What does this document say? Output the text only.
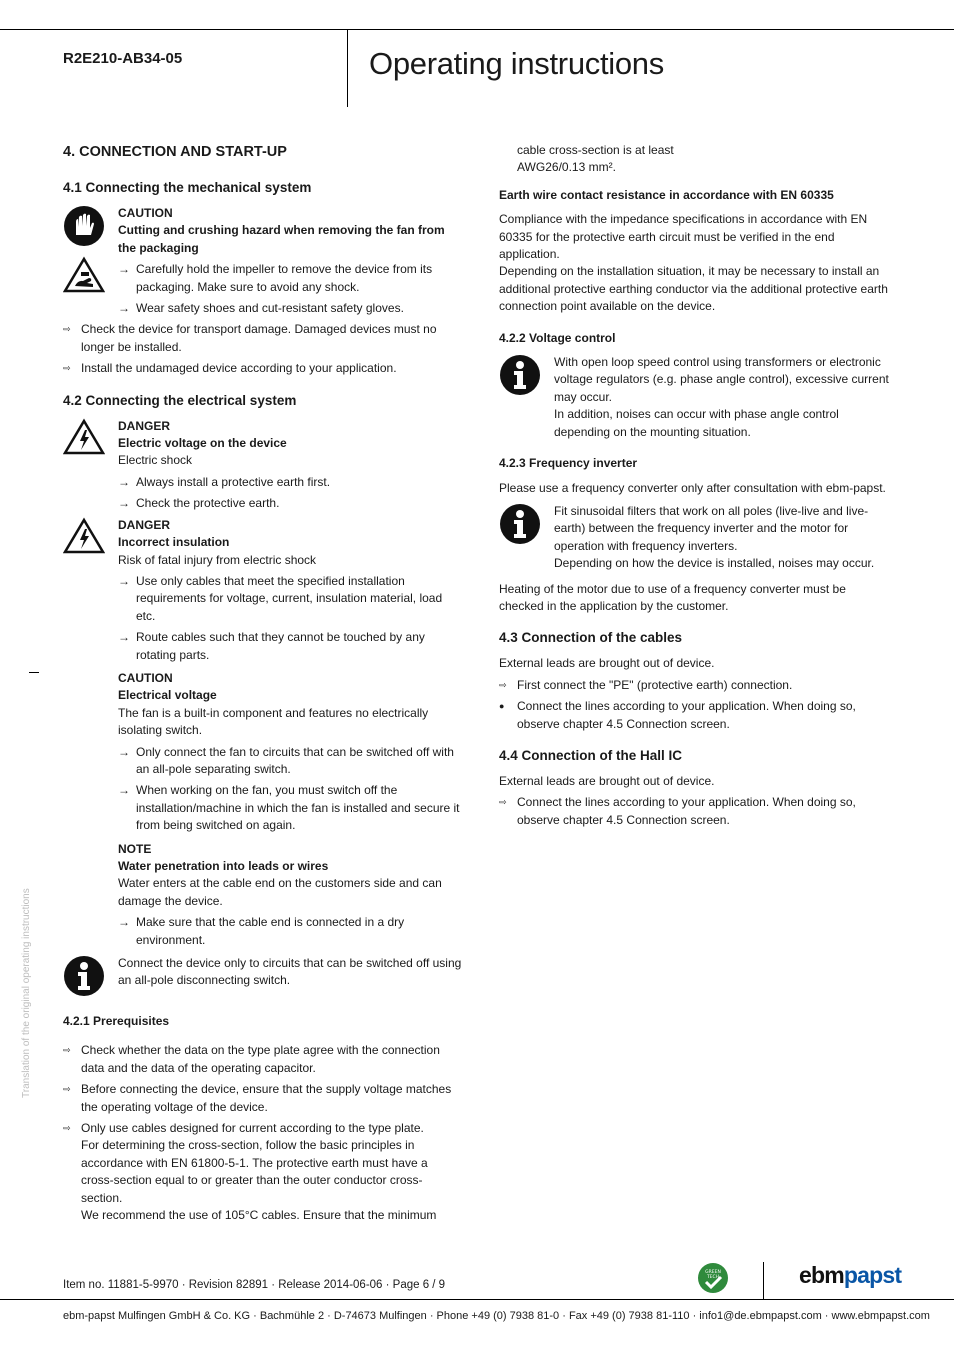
R2E210-AB34-05	Operating instructions
Translation of the original operating instructions
4. CONNECTION AND START-UP
4.1 Connecting the mechanical system

CAUTION
Cutting and crushing hazard when removing the fan from the packaging
→ Carefully hold the impeller to remove the device from its packaging. Make sure to avoid any shock.
→ Wear safety shoes and cut-resistant safety gloves.
⇨ Check the device for transport damage. Damaged devices must no longer be installed.
⇨ Install the undamaged device according to your application.
4.2 Connecting the electrical system
DANGER
Electric voltage on the device
Electric shock
→ Always install a protective earth first.
→ Check the protective earth.
DANGER
Incorrect insulation
Risk of fatal injury from electric shock
→ Use only cables that meet the specified installation requirements for voltage, current, insulation material, load etc.
→ Route cables such that they cannot be touched by any rotating parts.
CAUTION
Electrical voltage
The fan is a built-in component and features no electrically isolating switch.
→ Only connect the fan to circuits that can be switched off with an all-pole separating switch.
→ When working on the fan, you must switch off the installation/machine in which the fan is installed and secure it from being switched on again.
NOTE
Water penetration into leads or wires
Water enters at the cable end on the customers side and can damage the device.
→ Make sure that the cable end is connected in a dry environment.
Connect the device only to circuits that can be switched off using an all-pole disconnecting switch.
4.2.1 Prerequisites
⇨ Check whether the data on the type plate agree with the connection data and the data of the operating capacitor.
⇨ Before connecting the device, ensure that the supply voltage matches the operating voltage of the device.
⇨ Only use cables designed for current according to the type plate.
For determining the cross-section, follow the basic principles in accordance with EN 61800-5-1. The protective earth must have a cross-section equal to or greater than the outer conductor cross-section.
We recommend the use of 105°C cables. Ensure that the minimum
cable cross-section is at least
AWG26/0.13 mm².
Earth wire contact resistance in accordance with EN 60335

Compliance with the impedance specifications in accordance with EN 60335 for the protective earth circuit must be verified in the end application.

Depending on the installation situation, it may be necessary to install an additional protective earthing conductor via the additional protective earth connection point available on the device.

4.2.2 Voltage control
With open loop speed control using transformers or electronic voltage regulators (e.g. phase angle control), excessive current may occur.
In addition, noises can occur with phase angle control depending on the mounting situation.
4.2.3 Frequency inverter

Please use a frequency converter only after consultation with ebm-papst.

Fit sinusoidal filters that work on all poles (live-live and live-earth) between the frequency inverter and the motor for operation with frequency inverters.
Depending on how the device is installed, noises may occur.

Heating of the motor due to use of a frequency converter must be checked in the application by the customer.

4.3 Connection of the cables

External leads are brought out of device.

⇨ First connect the "PE" (protective earth) connection.
● Connect the lines according to your application. When doing so, observe chapter 4.5 Connection screen.
4.4 Connection of the Hall IC

External leads are brought out of device.

⇨ Connect the lines according to your application. When doing so, observe chapter 4.5 Connection screen.
Item no. 11881-5-9970 · Revision 82891 · Release 2014-06-06 · Page 6 / 9
GREEN
TECH	ebmpapst
ebm-papst Mulfingen GmbH & Co. KG · Bachmühle 2 · D-74673 Mulfingen · Phone +49 (0) 7938 81-0 · Fax +49 (0) 7938 81-110 · info1@de.ebmpapst.com · www.ebmpapst.com
